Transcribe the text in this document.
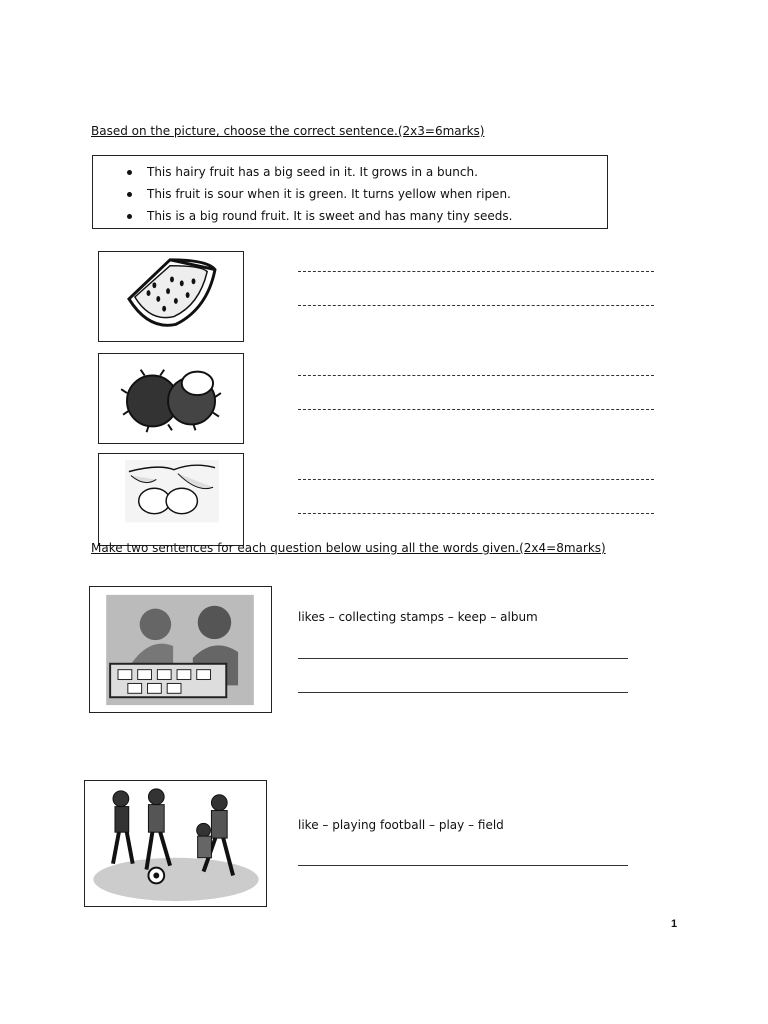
Based on the picture, choose the correct sentence.(2x3=6marks)
This hairy fruit has a big seed in it. It grows in a bunch.
This fruit is sour when it is green. It turns yellow when ripen.
This is a big round fruit. It is sweet and has many tiny seeds.
Make two sentences for each question below using all the words given.(2x4=8marks)
likes – collecting stamps – keep – album
like – playing football – play – field
1
